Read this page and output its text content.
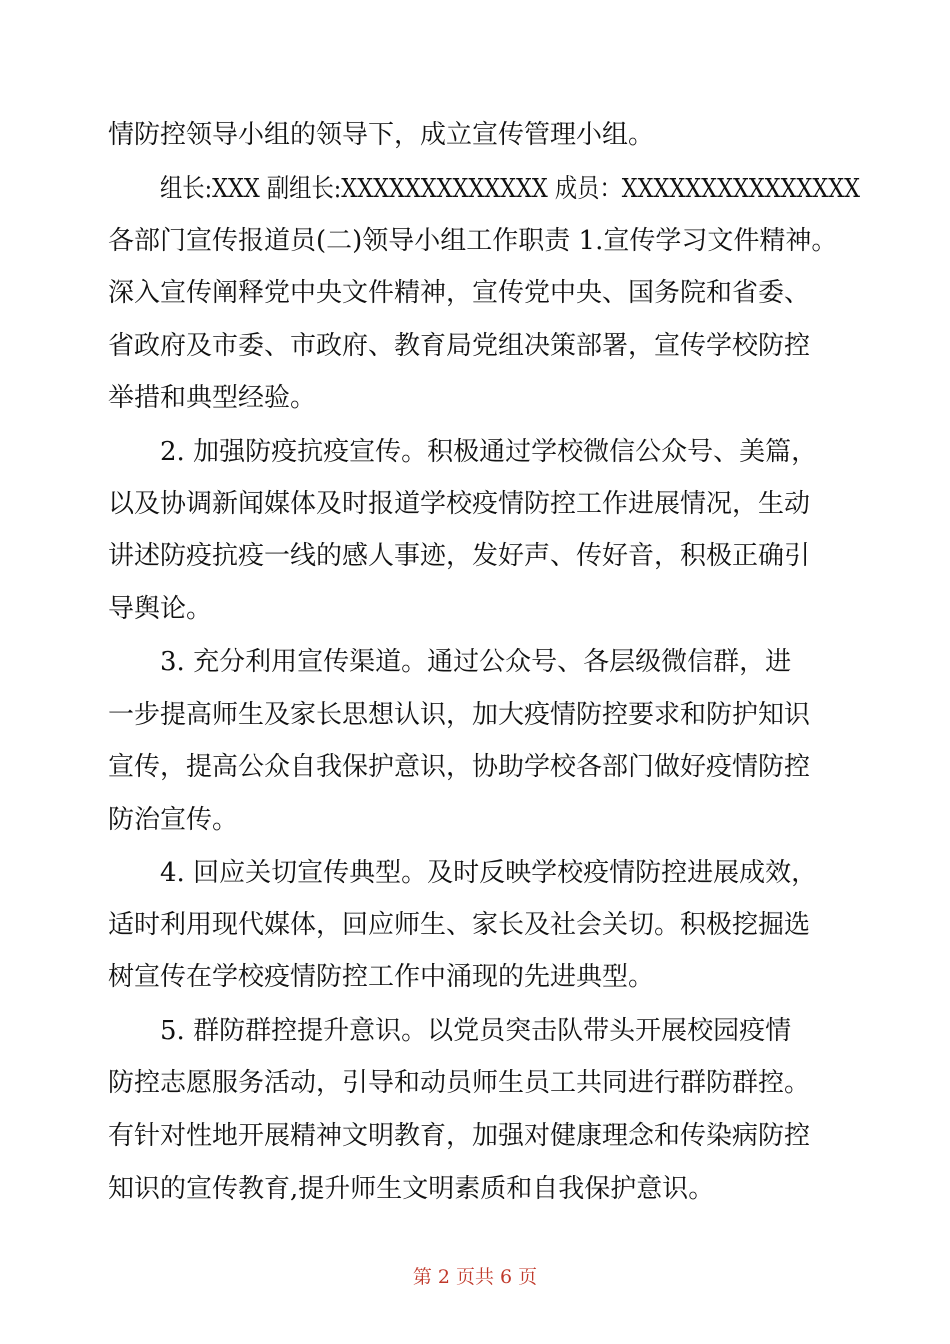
情防控领导小组的领导下，成立宣传管理小组。
组长:XXX 副组长:XXXXXXXXXXXXX 成员：XXXXXXXXXXXXXXX
各部门宣传报道员(二)领导小组工作职责 1.宣传学习文件精神。
深入宣传阐释党中央文件精神，宣传党中央、国务院和省委、
省政府及市委、市政府、教育局党组决策部署，宣传学校防控
举措和典型经验。
2. 加强防疫抗疫宣传。积极通过学校微信公众号、美篇，
以及协调新闻媒体及时报道学校疫情防控工作进展情况，生动
讲述防疫抗疫一线的感人事迹，发好声、传好音，积极正确引
导舆论。
3. 充分利用宣传渠道。通过公众号、各层级微信群，进
一步提高师生及家长思想认识，加大疫情防控要求和防护知识
宣传，提高公众自我保护意识，协助学校各部门做好疫情防控
防治宣传。
4. 回应关切宣传典型。及时反映学校疫情防控进展成效，
适时利用现代媒体，回应师生、家长及社会关切。积极挖掘选
树宣传在学校疫情防控工作中涌现的先进典型。
5. 群防群控提升意识。以党员突击队带头开展校园疫情
防控志愿服务活动，引导和动员师生员工共同进行群防群控。
有针对性地开展精神文明教育，加强对健康理念和传染病防控
知识的宣传教育,提升师生文明素质和自我保护意识。
第 2 页共 6 页
